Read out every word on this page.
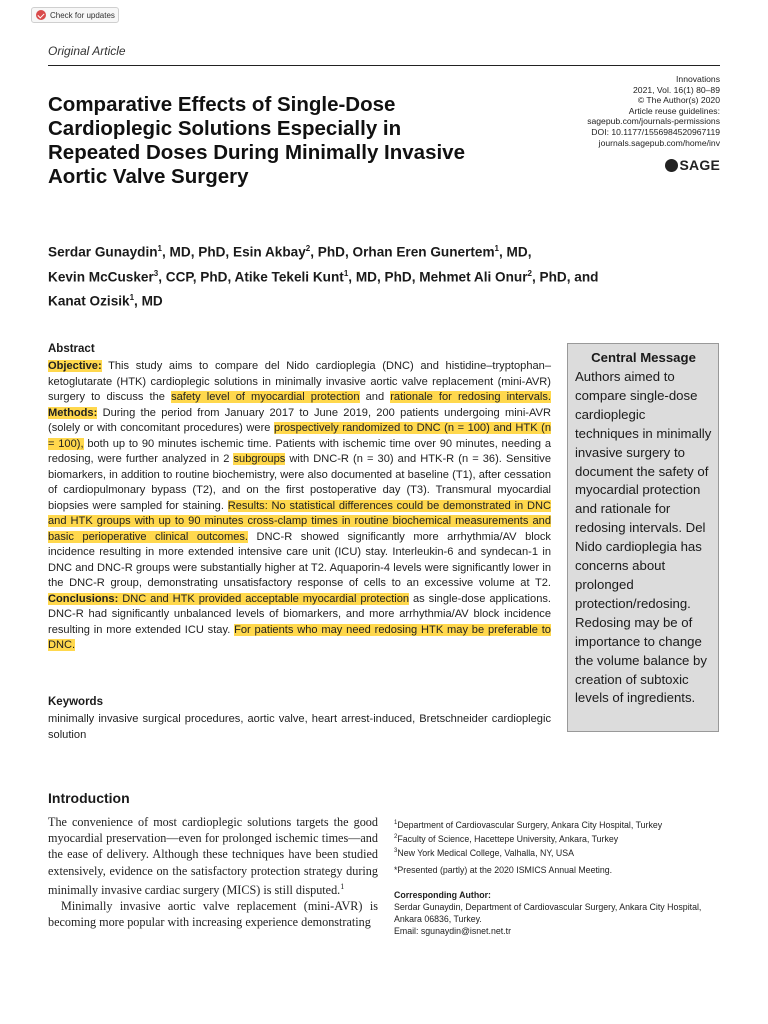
Check for updates
Original Article
Innovations
2021, Vol. 16(1) 80–89
© The Author(s) 2020
Article reuse guidelines:
sagepub.com/journals-permissions
DOI: 10.1177/1556984520967119
journals.sagepub.com/home/inv
SAGE
Comparative Effects of Single-Dose Cardioplegic Solutions Especially in Repeated Doses During Minimally Invasive Aortic Valve Surgery
Serdar Gunaydin$^1$, MD, PhD, Esin Akbay$^2$, PhD, Orhan Eren Gunertem$^1$, MD,
Kevin McCusker$^3$, CCP, PhD, Atike Tekeli Kunt$^1$, MD, PhD, Mehmet Ali Onur$^2$, PhD, and
Kanat Ozisik$^1$, MD
Abstract
Objective: This study aims to compare del Nido cardioplegia (DNC) and histidine–tryptophan–ketoglutarate (HTK) cardioplegic solutions in minimally invasive aortic valve replacement (mini-AVR) surgery to discuss the safety level of myocardial protection and rationale for redosing intervals. Methods: During the period from January 2017 to June 2019, 200 patients undergoing mini-AVR (solely or with concomitant procedures) were prospectively randomized to DNC (n = 100) and HTK (n = 100), both up to 90 minutes ischemic time. Patients with ischemic time over 90 minutes, needing a redosing, were further analyzed in 2 subgroups with DNC-R (n = 30) and HTK-R (n = 36). Sensitive biomarkers, in addition to routine biochemistry, were also documented at baseline (T1), after cessation of cardiopulmonary bypass (T2), and on the first postoperative day (T3). Transmural myocardial biopsies were sampled for staining. Results: No statistical differences could be demonstrated in DNC and HTK groups with up to 90 minutes cross-clamp times in routine biochemical measurements and basic perioperative clinical outcomes. DNC-R showed significantly more arrhythmia/AV block incidence resulting in more extended intensive care unit (ICU) stay. Interleukin-6 and syndecan-1 in DNC and DNC-R groups were substantially higher at T2. Aquaporin-4 levels were significantly lower in the DNC-R group, demonstrating unsatisfactory response of cells to an excessive volume at T2. Conclusions: DNC and HTK provided acceptable myocardial protection as single-dose applications. DNC-R had significantly unbalanced levels of biomarkers, and more arrhythmia/AV block incidence resulting in more extended ICU stay. For patients who may need redosing HTK may be preferable to DNC.
Central Message
Authors aimed to compare single-dose cardioplegic techniques in minimally invasive surgery to document the safety of myocardial protection and rationale for redosing intervals. Del Nido cardioplegia has concerns about prolonged protection/redosing. Redosing may be of importance to change the volume balance by creation of subtoxic levels of ingredients.
Keywords
minimally invasive surgical procedures, aortic valve, heart arrest-induced, Bretschneider cardioplegic solution
Introduction

The convenience of most cardioplegic solutions targets the good myocardial preservation—even for prolonged ischemic times—and the ease of delivery. Although these techniques have been studied extensively, evidence on the satisfactory protection strategy during minimally invasive cardiac surgery (MICS) is still disputed.$^1$

Minimally invasive aortic valve replacement (mini-AVR) is becoming more popular with increasing experience demonstrating

$^1$Department of Cardiovascular Surgery, Ankara City Hospital, Turkey
$^2$Faculty of Science, Hacettepe University, Ankara, Turkey
$^3$New York Medical College, Valhalla, NY, USA
*Presented (partly) at the 2020 ISMICS Annual Meeting.
Corresponding Author:
Serdar Gunaydin, Department of Cardiovascular Surgery, Ankara City Hospital, Ankara 06836, Turkey.
Email: sgunaydin@isnet.net.tr
